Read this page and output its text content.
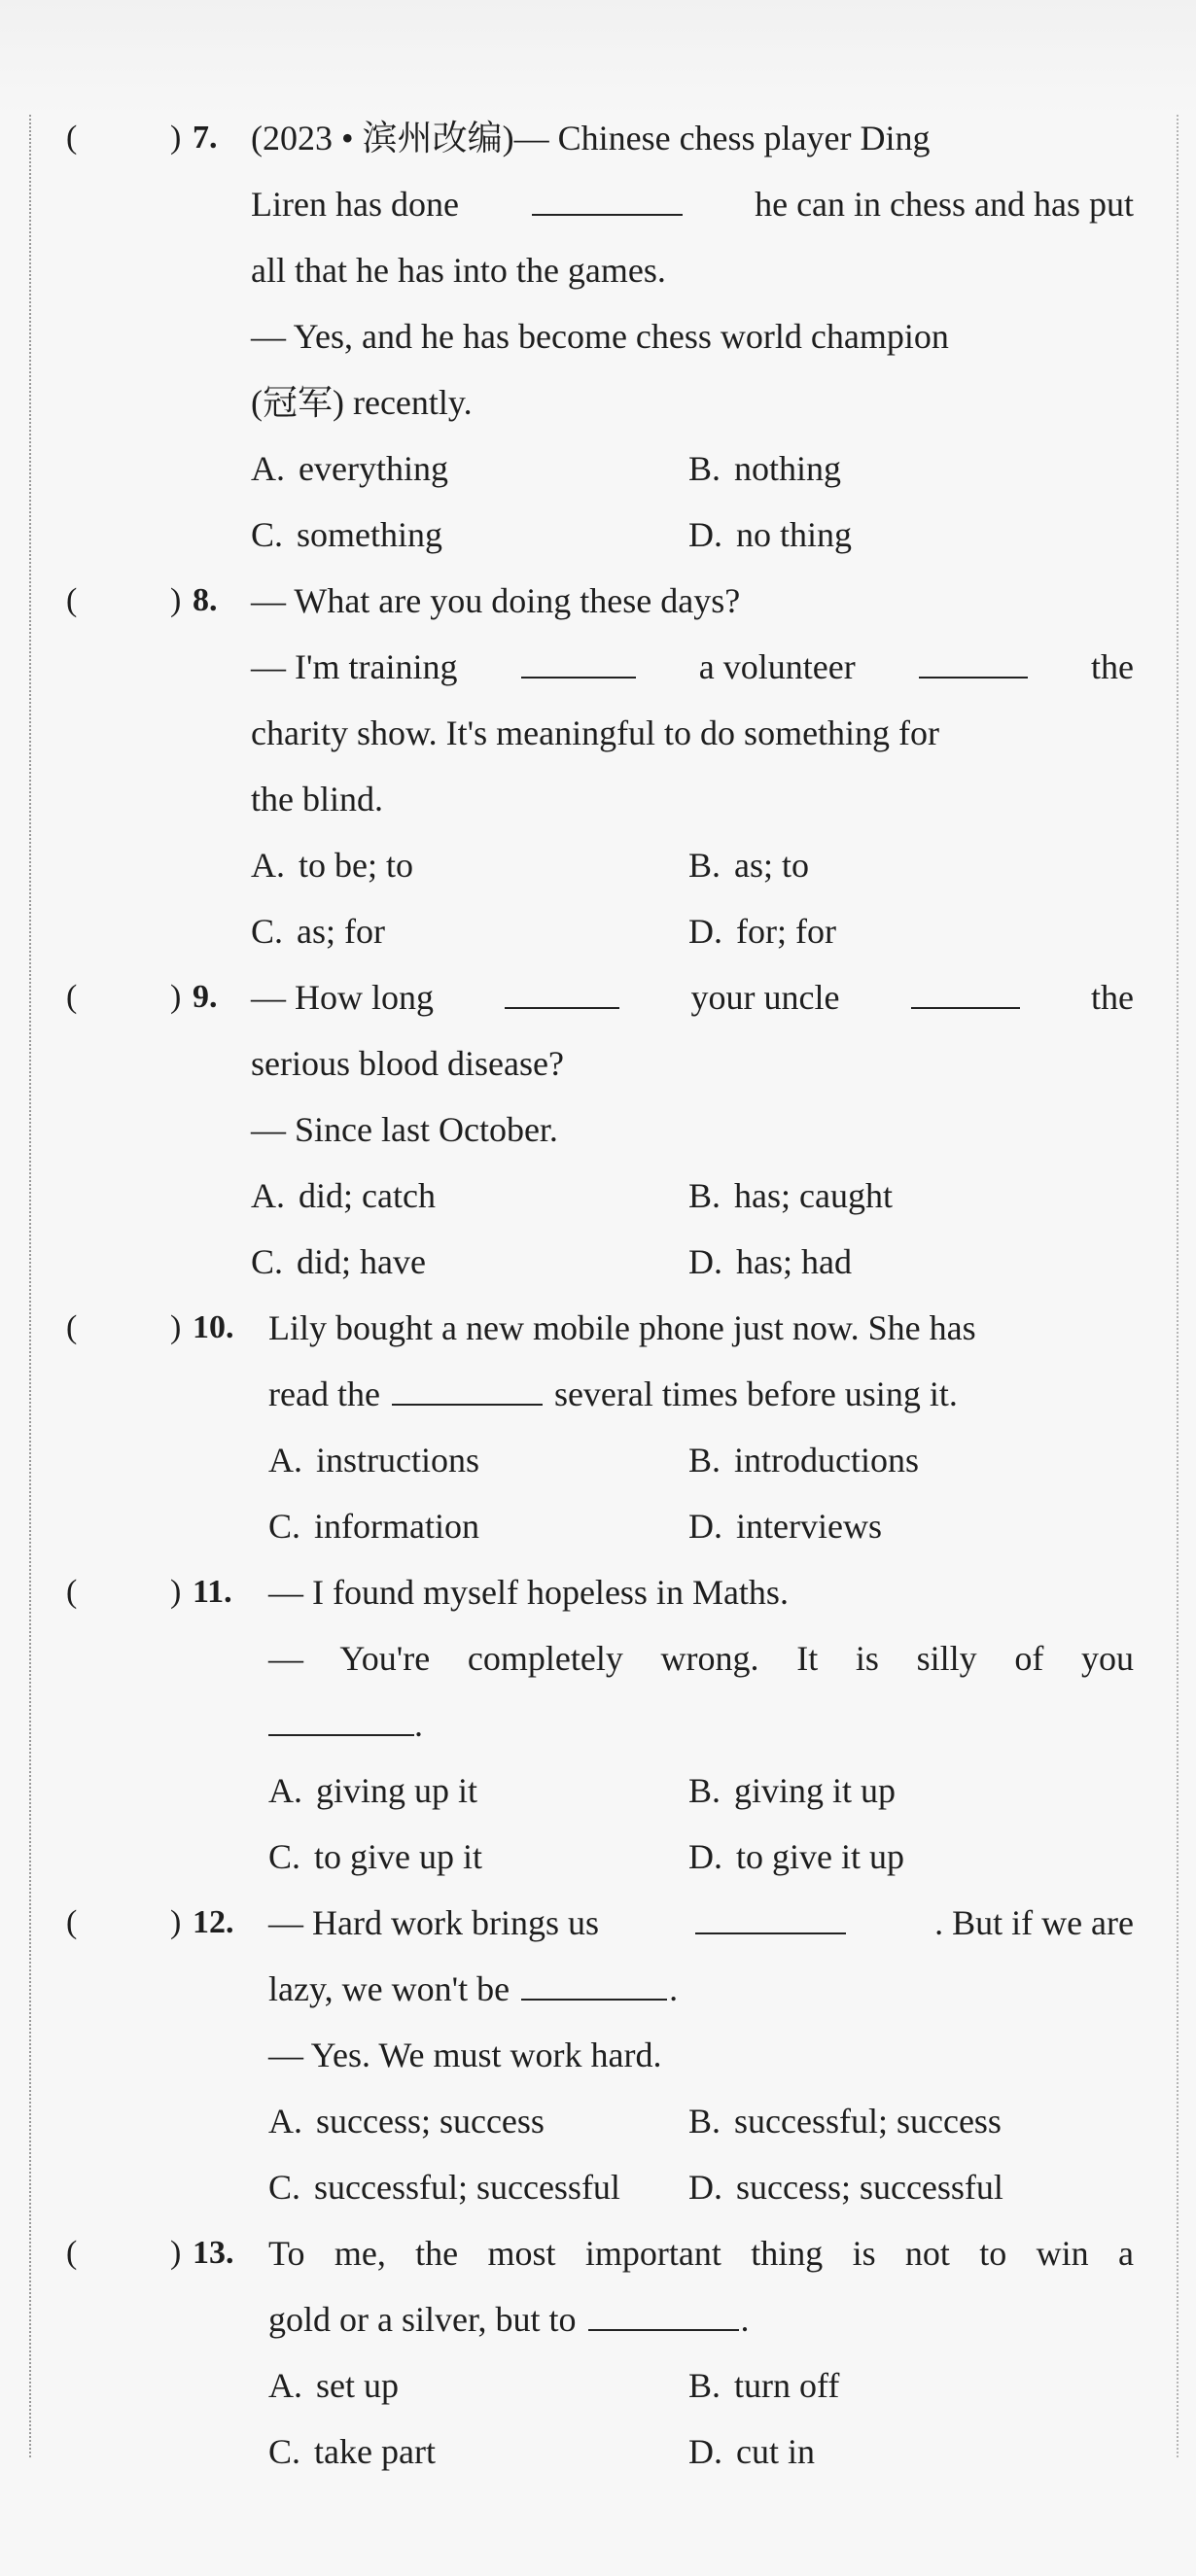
(	) 7. (2023 • 滨州改编) — Chinese chess player Ding
Liren has done	he can in chess and has put
all that he has into the games.
— Yes, and he has become chess world champion
(冠军) recently.
A. everything	B. nothing
C. something	D. no thing
(	) 8. — What are you doing these days?
— I'm training	a volunteer	the
charity show. It's meaningful to do something for
the blind.
A. to be; to	B. as; to
C. as; for	D. for; for
(	) 9. — How long	your uncle	the
serious blood disease?
— Since last October.
A. did; catch	B. has; caught
C. did; have	D. has; had
(	) 10. Lily bought a new mobile phone just now. She has
read the	several times before using it.
A. instructions	B. introductions
C. information	D. interviews
(	) 11. — I found myself hopeless in Maths.
— You're completely wrong. It is silly of you
.
A. giving up it	B. giving it up
C. to give up it	D. to give it up
(	) 12. — Hard work brings us	. But if we are
lazy, we won't be	.
— Yes. We must work hard.
A. success; success	B. successful; success
C. successful; successful D. success; successful
(	) 13. To me, the most important thing is not to win a
gold or a silver, but to	.
A. set up	B. turn off
C. take part	D. cut in
